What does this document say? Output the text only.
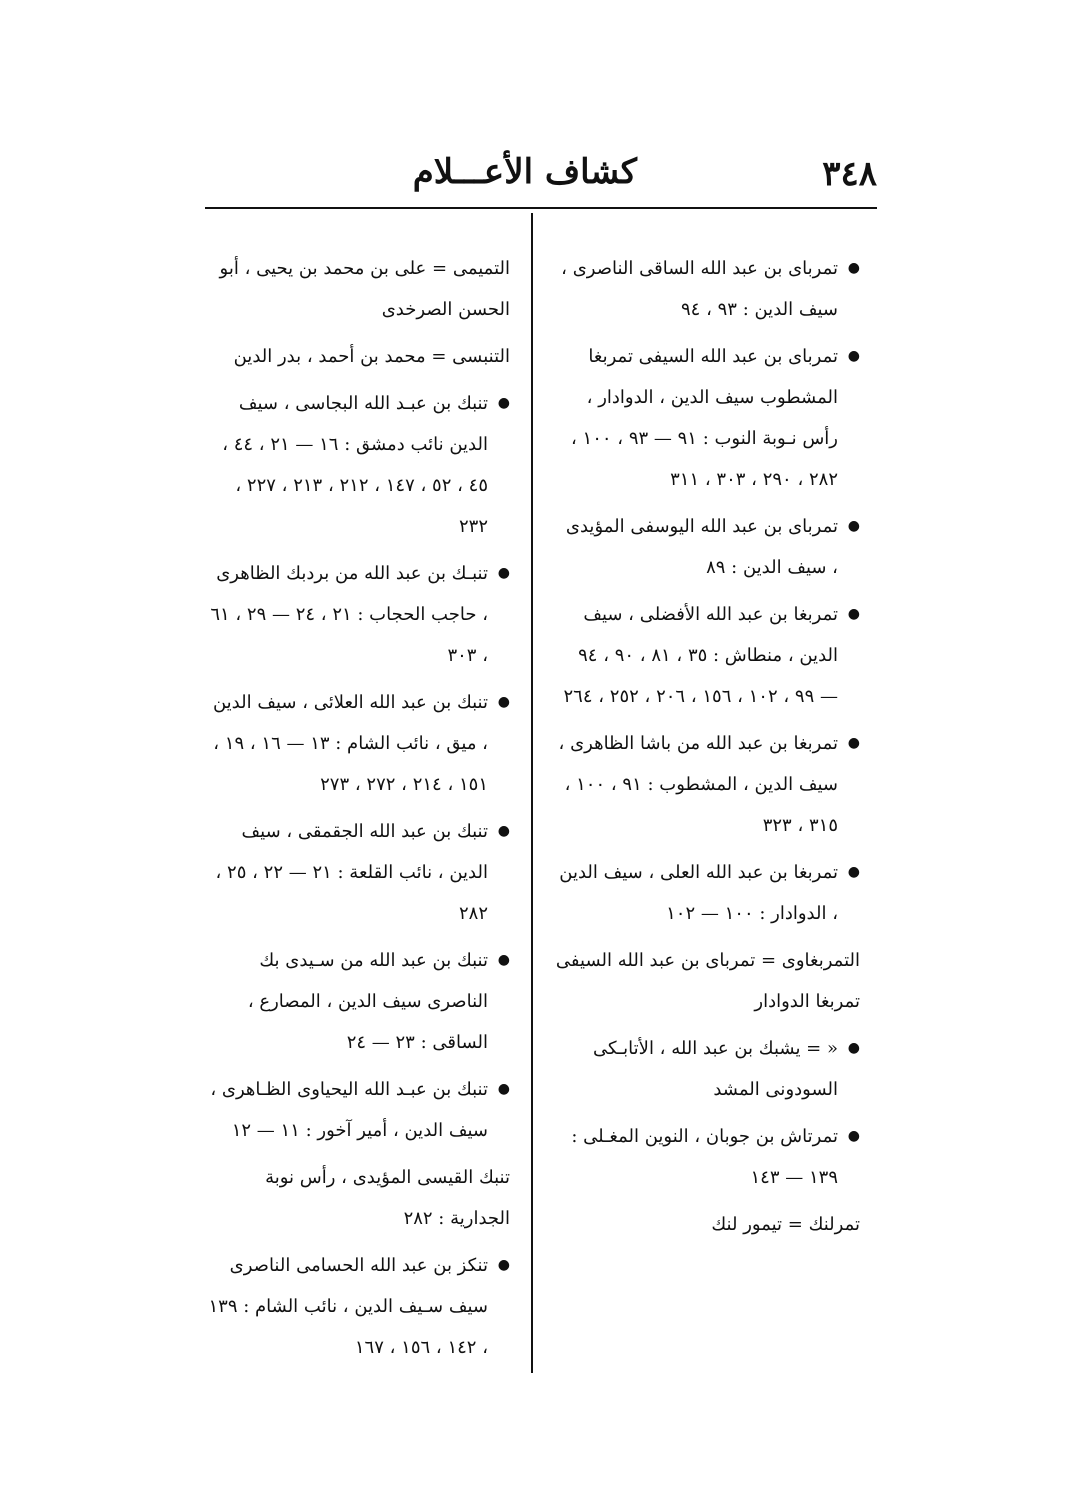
٣٤٨
كشاف الأعـــلام
●
تمرباى بن عبد الله الساقى الناصرى ، سيف الدين : ٩٣ ، ٩٤
●
تمرباى بن عبد الله السيفى تمربغا المشطوب سيف الدين ، الدوادار ، رأس نـوبة النوب : ٩١ — ٩٣ ، ١٠٠ ، ٢٨٢ ، ٢٩٠ ، ٣٠٣ ، ٣١١
●
تمرباى بن عبد الله اليوسفى المؤيدى ، سيف الدين : ٨٩
●
تمربغا بن عبد الله الأفضلى ، سيف الدين ، منطاش : ٣٥ ، ٨١ ، ٩٠ ، ٩٤ — ٩٩ ، ١٠٢ ، ١٥٦ ، ٢٠٦ ، ٢٥٢ ، ٢٦٤
●
تمربغا بن عبد الله من باشا الظاهرى ، سيف الدين ، المشطوب : ٩١ ، ١٠٠ ، ٣١٥ ، ٣٢٣
●
تمربغا بن عبد الله العلى ، سيف الدين ، الدوادار : ١٠٠ — ١٠٢
التمربغاوى = تمرباى بن عبد الله السيفى تمربغا الدوادار
●
« = يشبك بن عبد الله ، الأتابـكى السودونى المشد
●
تمرتاش بن جوبان ، النوين المغـلى : ١٣٩ — ١٤٣
تمرلنك = تيمور لنك
التميمى = على بن محمد بن يحيى ، أبو الحسن الصرخدى
التنبسى = محمد بن أحمد ، بدر الدين
●
تنبك بن عبـد الله البجاسى ، سيف الدين نائب دمشق : ١٦ — ٢١ ، ٤٤ ، ٤٥ ، ٥٢ ، ١٤٧ ، ٢١٢ ، ٢١٣ ، ٢٢٧ ، ٢٣٢
●
تنبـك بن عبد الله من بردبك الظاهرى ، حاجب الحجاب : ٢١ ، ٢٤ — ٢٩ ، ٦١ ، ٣٠٣
●
تنبك بن عبد الله العلائى ، سيف الدين ، ميق ، نائب الشام : ١٣ — ١٦ ، ١٩ ، ١٥١ ، ٢١٤ ، ٢٧٢ ، ٢٧٣
●
تنبك بن عبد الله الجقمقى ، سيف الدين ، نائب القلعة : ٢١ — ٢٢ ، ٢٥ ، ٢٨٢
●
تنبك بن عبد الله من سـيدى بك الناصرى سيف الدين ، المصارع ، الساقى : ٢٣ — ٢٤
●
تنبك بن عبـد الله اليحياوى الظـاهرى ، سيف الدين ، أمير آخور : ١١ — ١٢
تنبك القيسى المؤيدى ، رأس نوبة الجدارية : ٢٨٢
●
تنكز بن عبد الله الحسامى الناصرى سيف سـيف الدين ، نائب الشام : ١٣٩ ، ١٤٢ ، ١٥٦ ، ١٦٧
